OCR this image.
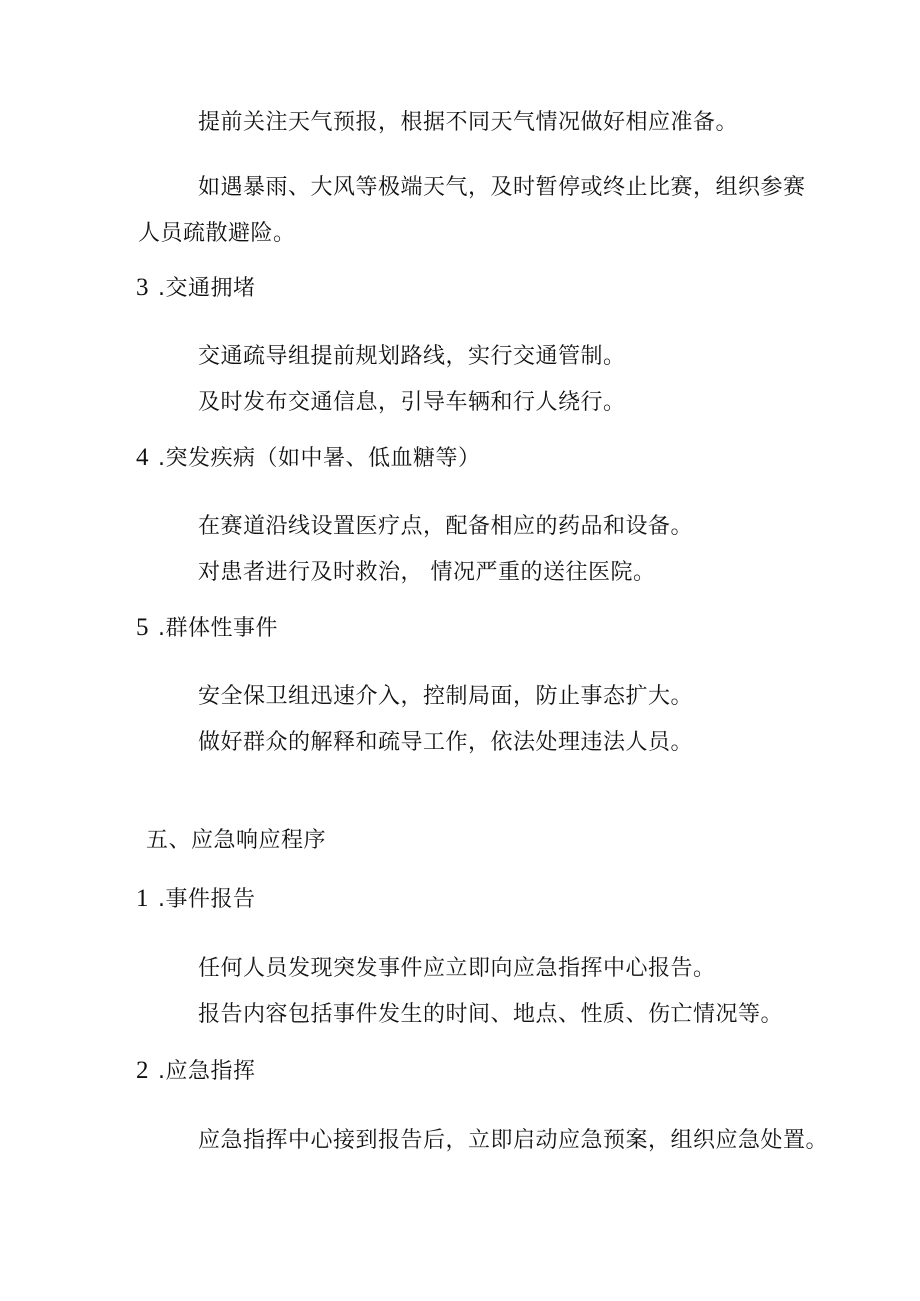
提前关注天气预报，根据不同天气情况做好相应准备。
如遇暴雨、大风等极端天气，及时暂停或终止比赛，组织参赛
人员疏散避险。
3 .交通拥堵
交通疏导组提前规划路线，实行交通管制。
及时发布交通信息，引导车辆和行人绕行。
4 .突发疾病（如中暑、低血糖等）
在赛道沿线设置医疗点，配备相应的药品和设备。
对患者进行及时救治， 情况严重的送往医院。
5 .群体性事件
安全保卫组迅速介入，控制局面，防止事态扩大。
做好群众的解释和疏导工作，依法处理违法人员。
五、应急响应程序
1 .事件报告
任何人员发现突发事件应立即向应急指挥中心报告。
报告内容包括事件发生的时间、地点、性质、伤亡情况等。
2 .应急指挥
应急指挥中心接到报告后，立即启动应急预案，组织应急处置。
